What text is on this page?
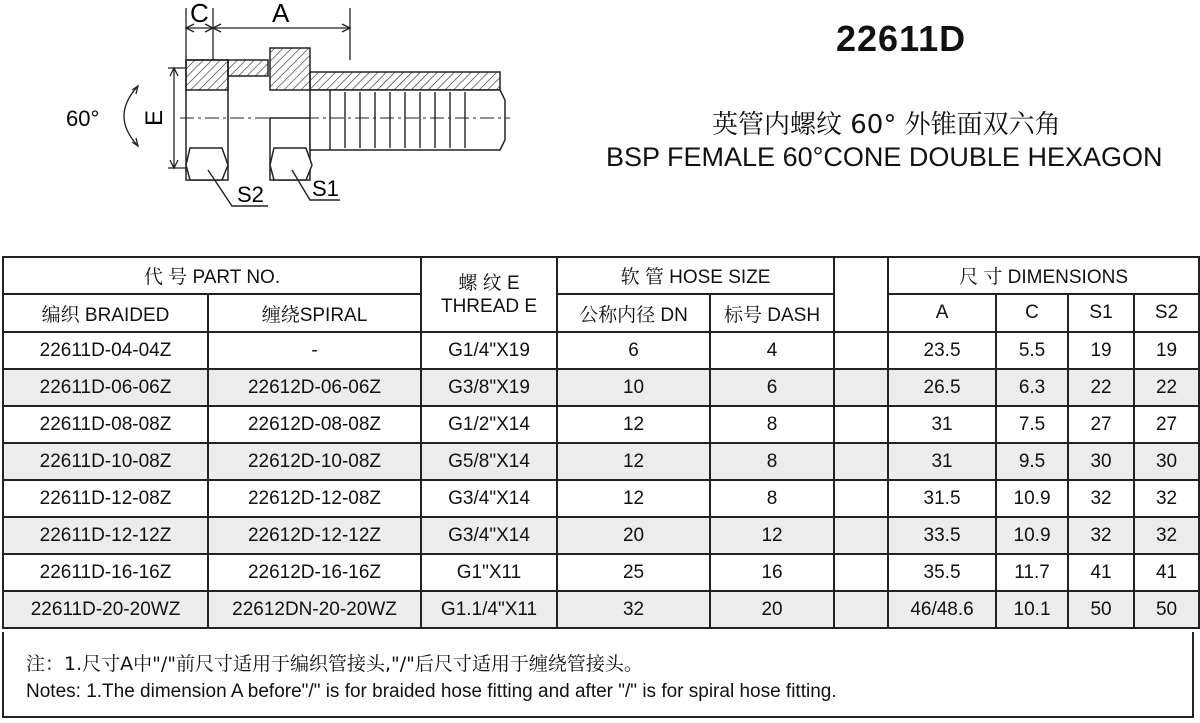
C A
E
60°
S2 S1
22611D
英管内螺纹 60° 外锥面双六角
BSP FEMALE 60°CONE DOUBLE HEXAGON
代 号 PART NO.		螺 纹 E
THREAD E	软 管 HOSE SIZE			尺 寸 DIMENSIONS			
编织 BRAIDED	缠绕SPIRAL		公称内径 DN	标号 DASH		A	C	S1	S2
22611D-04-04Z	-	G1/4"X19	6	4		23.5	5.5	19	19
22611D-06-06Z	22612D-06-06Z	G3/8"X19	10	6		26.5	6.3	22	22
22611D-08-08Z	22612D-08-08Z	G1/2"X14	12	8		31	7.5	27	27
22611D-10-08Z	22612D-10-08Z	G5/8"X14	12	8		31	9.5	30	30
22611D-12-08Z	22612D-12-08Z	G3/4"X14	12	8		31.5	10.9	32	32
22611D-12-12Z	22612D-12-12Z	G3/4"X14	20	12		33.5	10.9	32	32
22611D-16-16Z	22612D-16-16Z	G1"X11	25	16		35.5	11.7	41	41
22611D-20-20WZ	22612DN-20-20WZ	G1.1/4"X11	32	20		46/48.6	10.1	50	50
注：1.尺寸A中"/"前尺寸适用于编织管接头,"/"后尺寸适用于缠绕管接头。
Notes: 1.The dimension A before"/" is for braided hose fitting and after "/" is for spiral hose fitting.
